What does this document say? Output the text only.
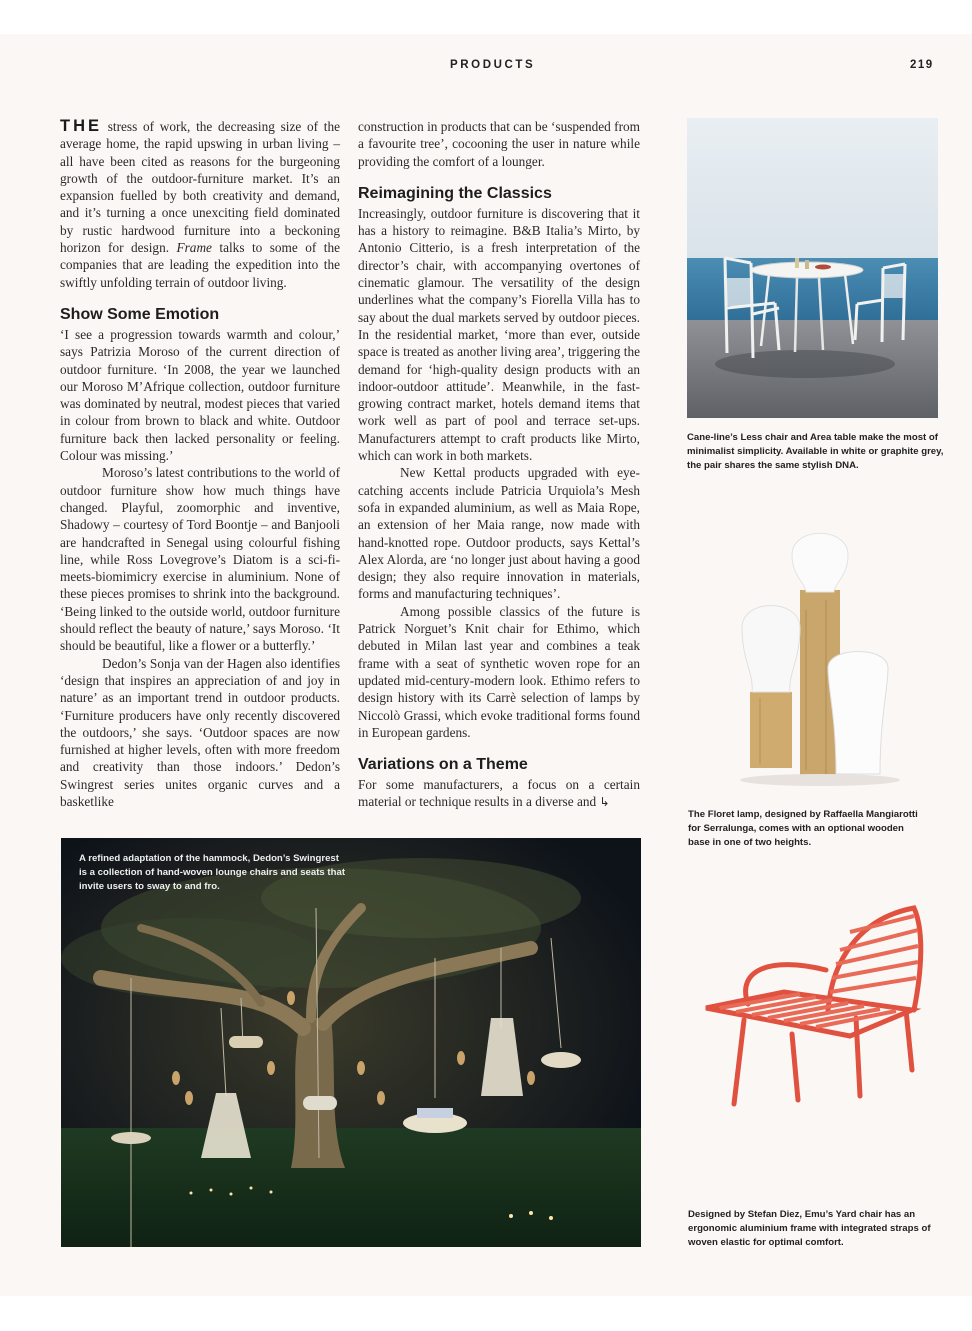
PRODUCTS	219

THE stress of work, the decreasing size of the average home, the rapid upswing in urban living – all have been cited as reasons for the burgeoning growth of the outdoor-furniture market. It’s an expansion fuelled by both creativity and demand, and it’s turning a once unexciting field dominated by rustic hardwood furniture into a beckoning horizon for design. Frame talks to some of the companies that are leading the expedition into the swiftly unfolding terrain of outdoor living.

Show Some Emotion

‘I see a progression towards warmth and colour,’ says Patrizia Moroso of the current direction of outdoor furniture. ‘In 2008, the year we launched our Moroso M’Afrique collection, outdoor furniture was dominated by neutral, modest pieces that varied in colour from brown to black and white. Outdoor furniture back then lacked personality or feeling. Colour was missing.’

Moroso’s latest contributions to the world of outdoor furniture show how much things have changed. Playful, zoomorphic and inventive, Shadowy – courtesy of Tord Boontje – and Banjooli are handcrafted in Senegal using colourful fishing line, while Ross Lovegrove’s Diatom is a sci-fi-meets-biomimicry exercise in aluminium. None of these pieces promises to shrink into the background. ‘Being linked to the outside world, outdoor furniture should reflect the beauty of nature,’ says Moroso. ‘It should be beautiful, like a flower or a butterfly.’

Dedon’s Sonja van der Hagen also identifies ‘design that inspires an appreciation of and joy in nature’ as an important trend in outdoor products. ‘Furniture producers have only recently discovered the outdoors,’ she says. ‘Outdoor spaces are now furnished at higher levels, often with more freedom and creativity than those indoors.’ Dedon’s Swingrest series unites organic curves and a basketlike

construction in products that can be ‘suspended from a favourite tree’, cocooning the user in nature while providing the comfort of a lounger.

Reimagining the Classics

Increasingly, outdoor furniture is discovering that it has a history to reimagine. B&B Italia’s Mirto, by Antonio Citterio, is a fresh interpretation of the director’s chair, with accompanying overtones of cinematic glamour. The versatility of the design underlines what the company’s Fiorella Villa has to say about the dual markets served by outdoor pieces. In the residential market, ‘more than ever, outside space is treated as another living area’, triggering the demand for ‘high-quality design products with an indoor-outdoor attitude’. Meanwhile, in the fast-growing contract market, hotels demand items that work well as part of pool and terrace set-ups. Manufacturers attempt to craft products like Mirto, which can work in both markets.

New Kettal products upgraded with eye-catching accents include Patricia Urquiola’s Mesh sofa in expanded aluminium, as well as Maia Rope, an extension of her Maia range, now made with hand-knotted rope. Outdoor products, says Kettal’s Alex Alorda, are ‘no longer just about having a good design; they also require innovation in materials, forms and manufacturing techniques’.

Among possible classics of the future is Patrick Norguet’s Knit chair for Ethimo, which debuted in Milan last year and combines a teak frame with a seat of synthetic woven rope for an updated mid-century-modern look. Ethimo refers to design history with its Carrè selection of lamps by Niccolò Grassi, which evoke traditional forms found in European gardens.

Variations on a Theme

For some manufacturers, a focus on a certain material or technique results in a diverse and ↳

Cane-line’s Less chair and Area table make the most of minimalist simplicity. Available in white or graphite grey, the pair shares the same stylish DNA.
The Floret lamp, designed by Raffaella Mangiarotti for Serralunga, comes with an optional wooden base in one of two heights.
Designed by Stefan Diez, Emu’s Yard chair has an ergonomic aluminium frame with integrated straps of woven elastic for optimal comfort.
A refined adaptation of the hammock, Dedon’s Swingrest is a collection of hand-woven lounge chairs and seats that invite users to sway to and fro.
